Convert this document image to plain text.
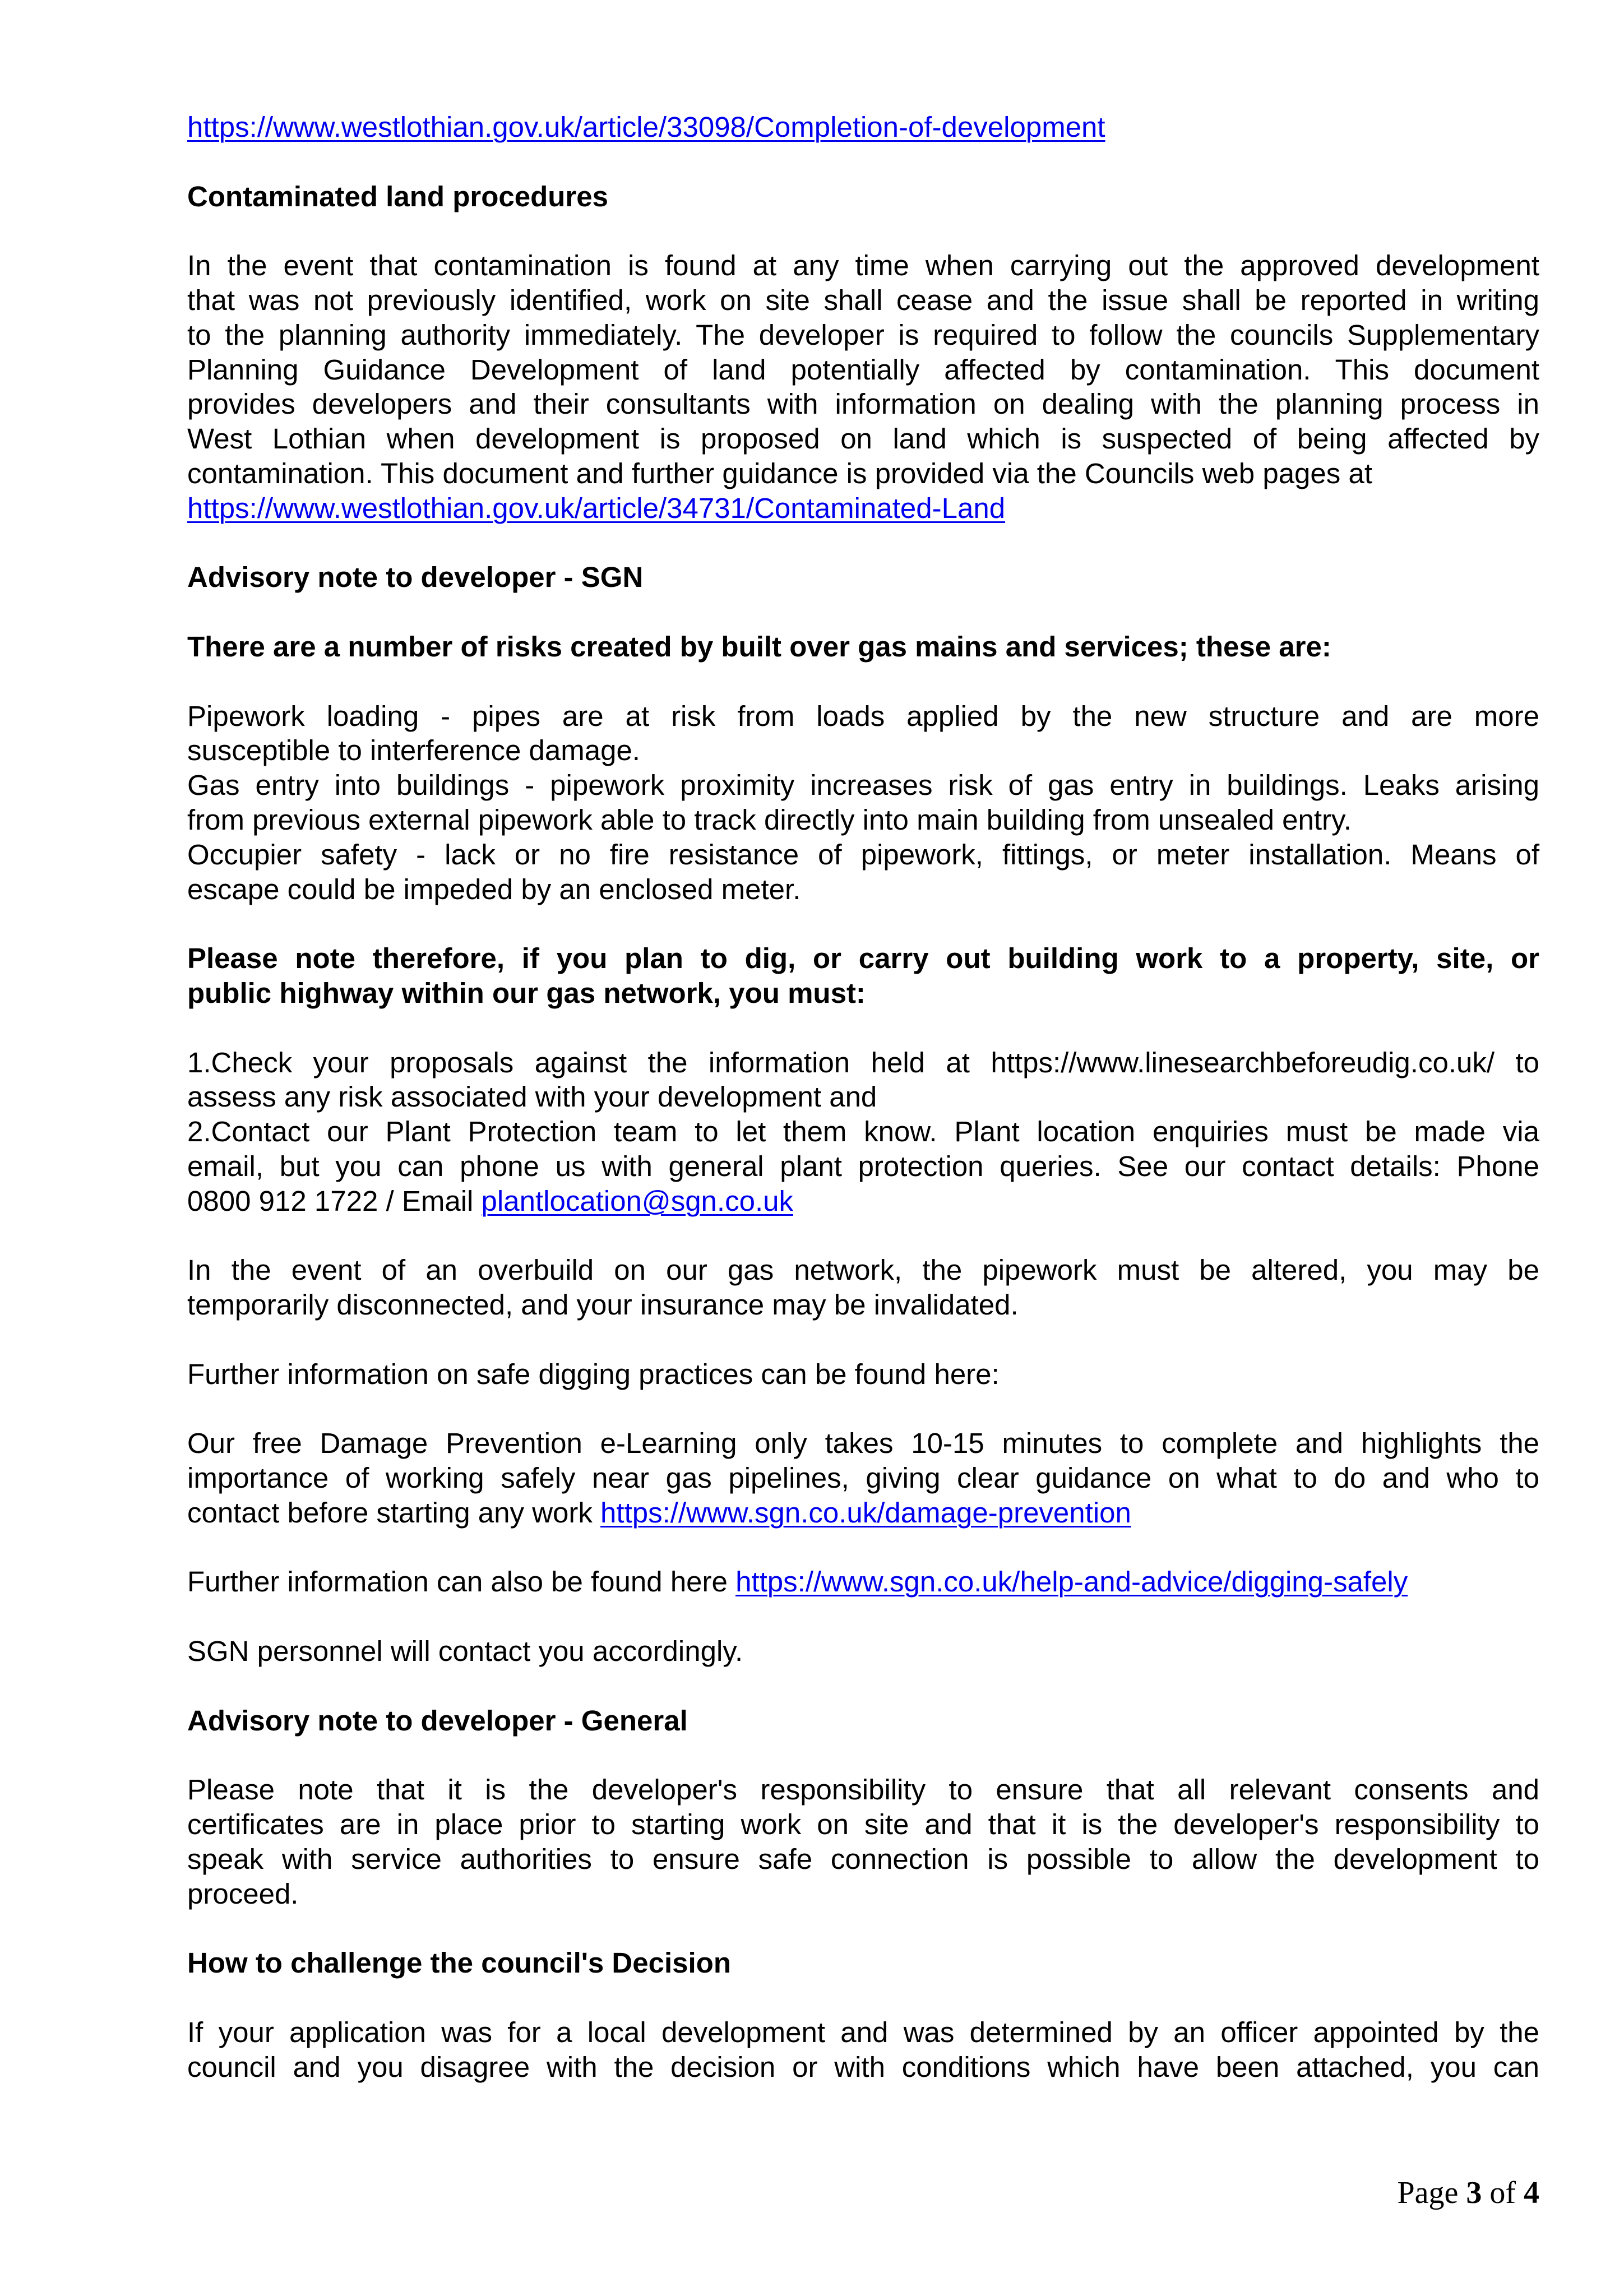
https://www.westlothian.gov.uk/article/33098/Completion-of-development
Contaminated land procedures
In the event that contamination is found at any time when carrying out the approved development
that was not previously identified, work on site shall cease and the issue shall be reported in writing
to the planning authority immediately. The developer is required to follow the councils Supplementary
Planning Guidance Development of land potentially affected by contamination. This document
provides developers and their consultants with information on dealing with the planning process in
West Lothian when development is proposed on land which is suspected of being affected by
contamination. This document and further guidance is provided via the Councils web pages at
https://www.westlothian.gov.uk/article/34731/Contaminated-Land
Advisory note to developer - SGN
There are a number of risks created by built over gas mains and services; these are:
Pipework loading - pipes are at risk from loads applied by the new structure and are more
susceptible to interference damage.
Gas entry into buildings - pipework proximity increases risk of gas entry in buildings. Leaks arising
from previous external pipework able to track directly into main building from unsealed entry.
Occupier safety - lack or no fire resistance of pipework, fittings, or meter installation. Means of
escape could be impeded by an enclosed meter.
Please note therefore, if you plan to dig, or carry out building work to a property, site, or
public highway within our gas network, you must:
1.Check your proposals against the information held at https://www.linesearchbeforeudig.co.uk/ to
assess any risk associated with your development and
2.Contact our Plant Protection team to let them know. Plant location enquiries must be made via
email, but you can phone us with general plant protection queries. See our contact details: Phone
0800 912 1722 / Email plantlocation@sgn.co.uk
In the event of an overbuild on our gas network, the pipework must be altered, you may be
temporarily disconnected, and your insurance may be invalidated.
Further information on safe digging practices can be found here:
Our free Damage Prevention e-Learning only takes 10-15 minutes to complete and highlights the
importance of working safely near gas pipelines, giving clear guidance on what to do and who to
contact before starting any work https://www.sgn.co.uk/damage-prevention
Further information can also be found here https://www.sgn.co.uk/help-and-advice/digging-safely
SGN personnel will contact you accordingly.
Advisory note to developer - General
Please note that it is the developer's responsibility to ensure that all relevant consents and
certificates are in place prior to starting work on site and that it is the developer's responsibility to
speak with service authorities to ensure safe connection is possible to allow the development to
proceed.
How to challenge the council's Decision
If your application was for a local development and was determined by an officer appointed by the
council and you disagree with the decision or with conditions which have been attached, you can
Page 3 of 4
